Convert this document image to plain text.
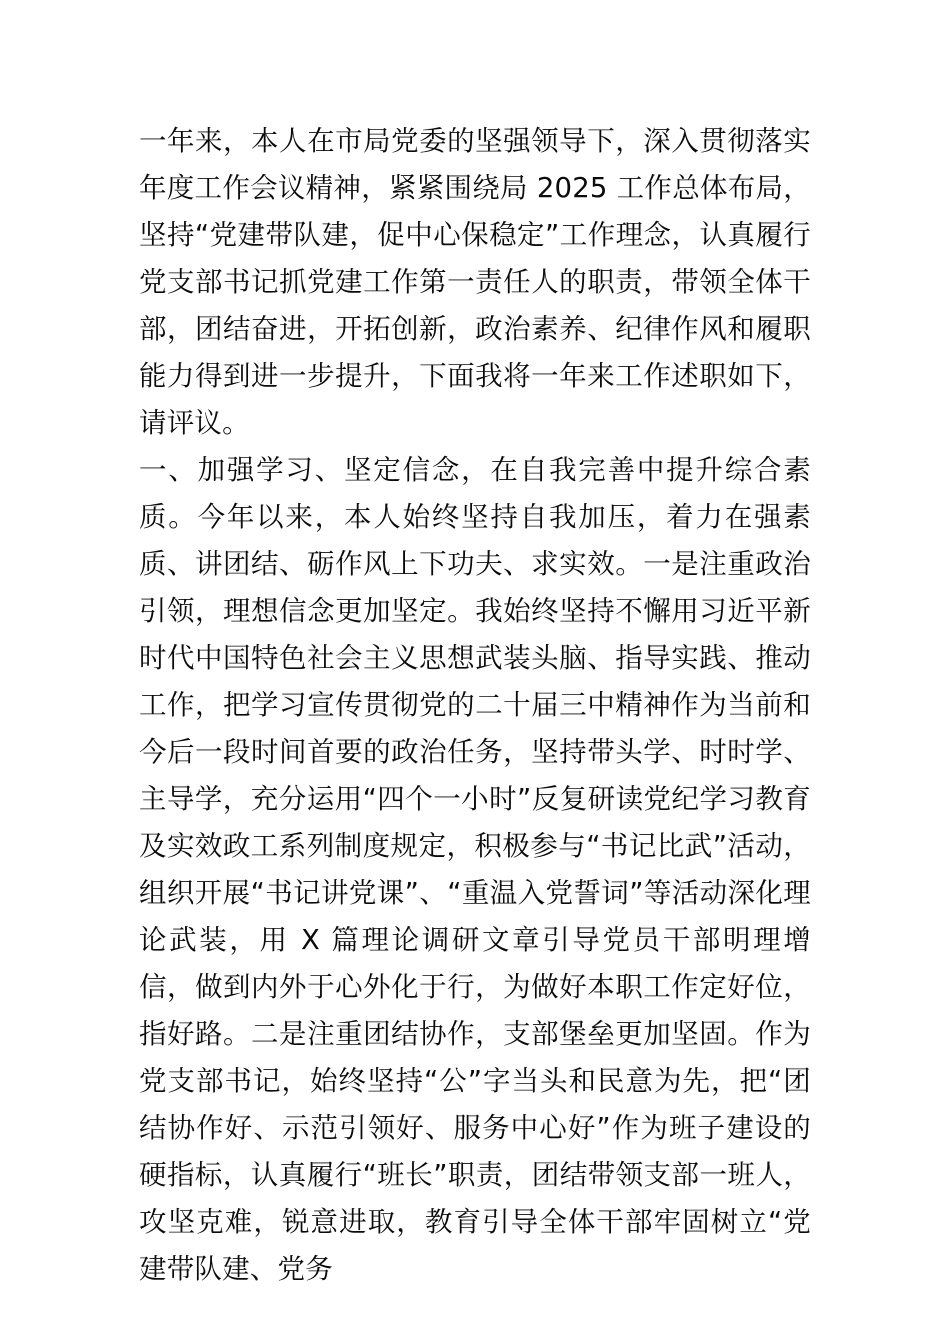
一年来，本人在市局党委的坚强领导下，深入贯彻落实年度工作会议精神，紧紧围绕局 2025 工作总体布局，坚持“党建带队建，促中心保稳定”工作理念，认真履行党支部书记抓党建工作第一责任人的职责，带领全体干部，团结奋进，开拓创新，政治素养、纪律作风和履职能力得到进一步提升，下面我将一年来工作述职如下，请评议。

一、加强学习、坚定信念，在自我完善中提升综合素质。今年以来，本人始终坚持自我加压，着力在强素质、讲团结、砺作风上下功夫、求实效。一是注重政治引领，理想信念更加坚定。我始终坚持不懈用习近平新时代中国特色社会主义思想武装头脑、指导实践、推动工作，把学习宣传贯彻党的二十届三中精神作为当前和今后一段时间首要的政治任务，坚持带头学、时时学、主导学，充分运用“四个一小时”反复研读党纪学习教育及实效政工系列制度规定，积极参与“书记比武”活动，组织开展“书记讲党课”、“重温入党誓词”等活动深化理论武装，用 X 篇理论调研文章引导党员干部明理增信，做到内外于心外化于行，为做好本职工作定好位，指好路。二是注重团结协作，支部堡垒更加坚固。作为党支部书记，始终坚持“公”字当头和民意为先，把“团结协作好、示范引领好、服务中心好”作为班子建设的硬指标，认真履行“班长”职责，团结带领支部一班人，攻坚克难，锐意进取，教育引导全体干部牢固树立“党建带队建、党务
